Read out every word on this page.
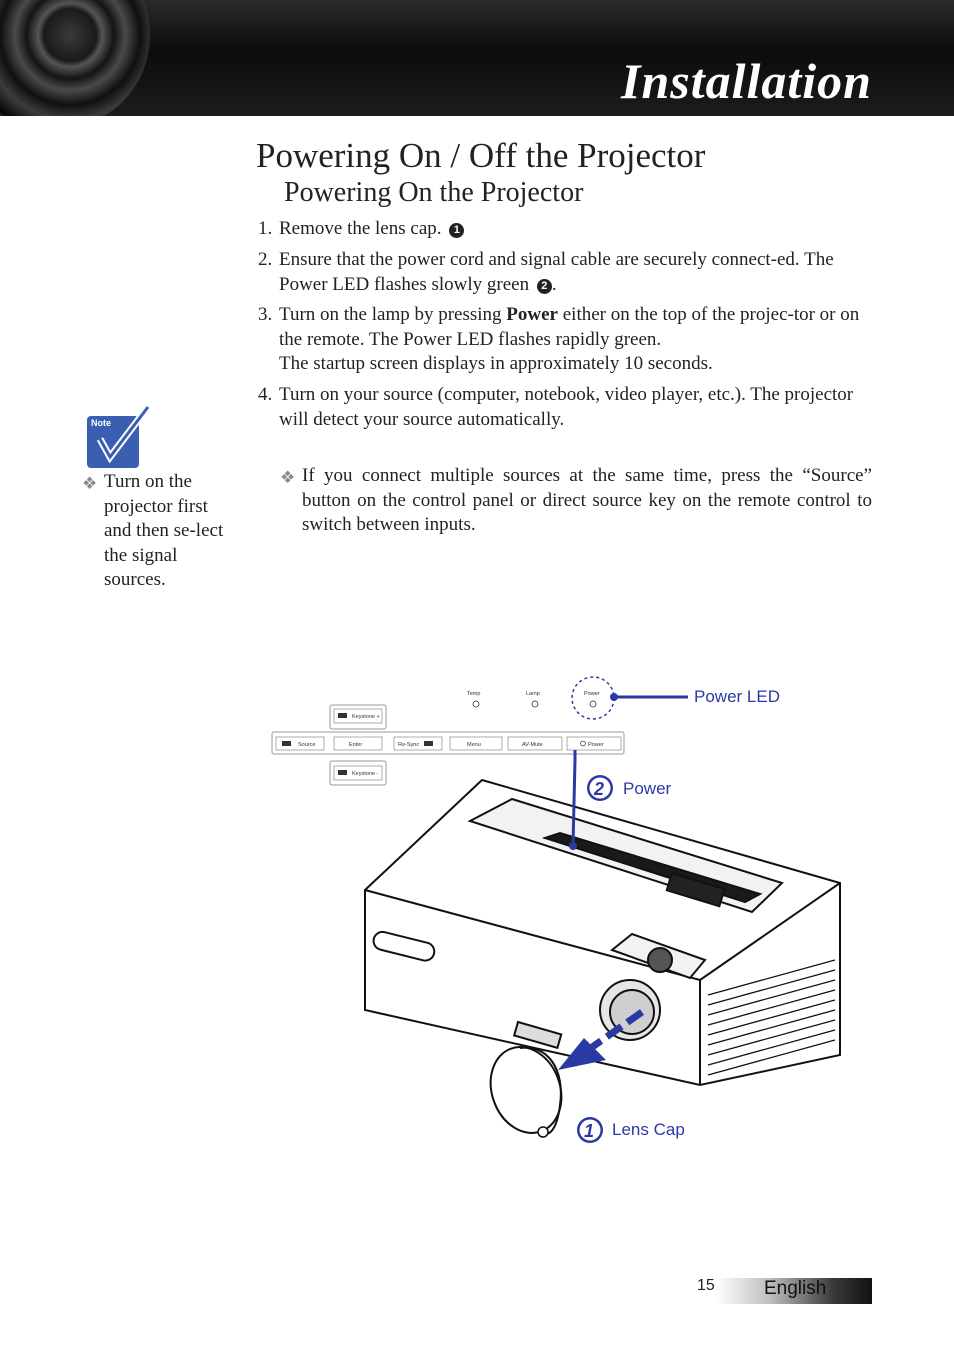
Installation
Powering On / Off the Projector
Powering On the Projector
1. Remove the lens cap. 1
2. Ensure that the power cord and signal cable are securely connect-ed. The Power LED flashes slowly green 2 .
3. Turn on the lamp by pressing Power either on the top of the projec-tor or on the remote. The Power LED flashes rapidly green.
The startup screen displays in approximately 10 seconds.
4. Turn on your source (computer, notebook, video player, etc.). The projector will detect your source automatically.
❖ If you connect multiple sources at the same time, press the “Source” button on the control panel or direct source key on the remote control to switch between inputs.
Note
❖ Turn on the projector first and then se-lect the signal sources.
Keystone +
Keystone -
Source	Enter	Re-Sync	Menu	AV-Mute	Power
Temp	Lamp	Power
2
1
Power LED
Power
Lens Cap
15	English
